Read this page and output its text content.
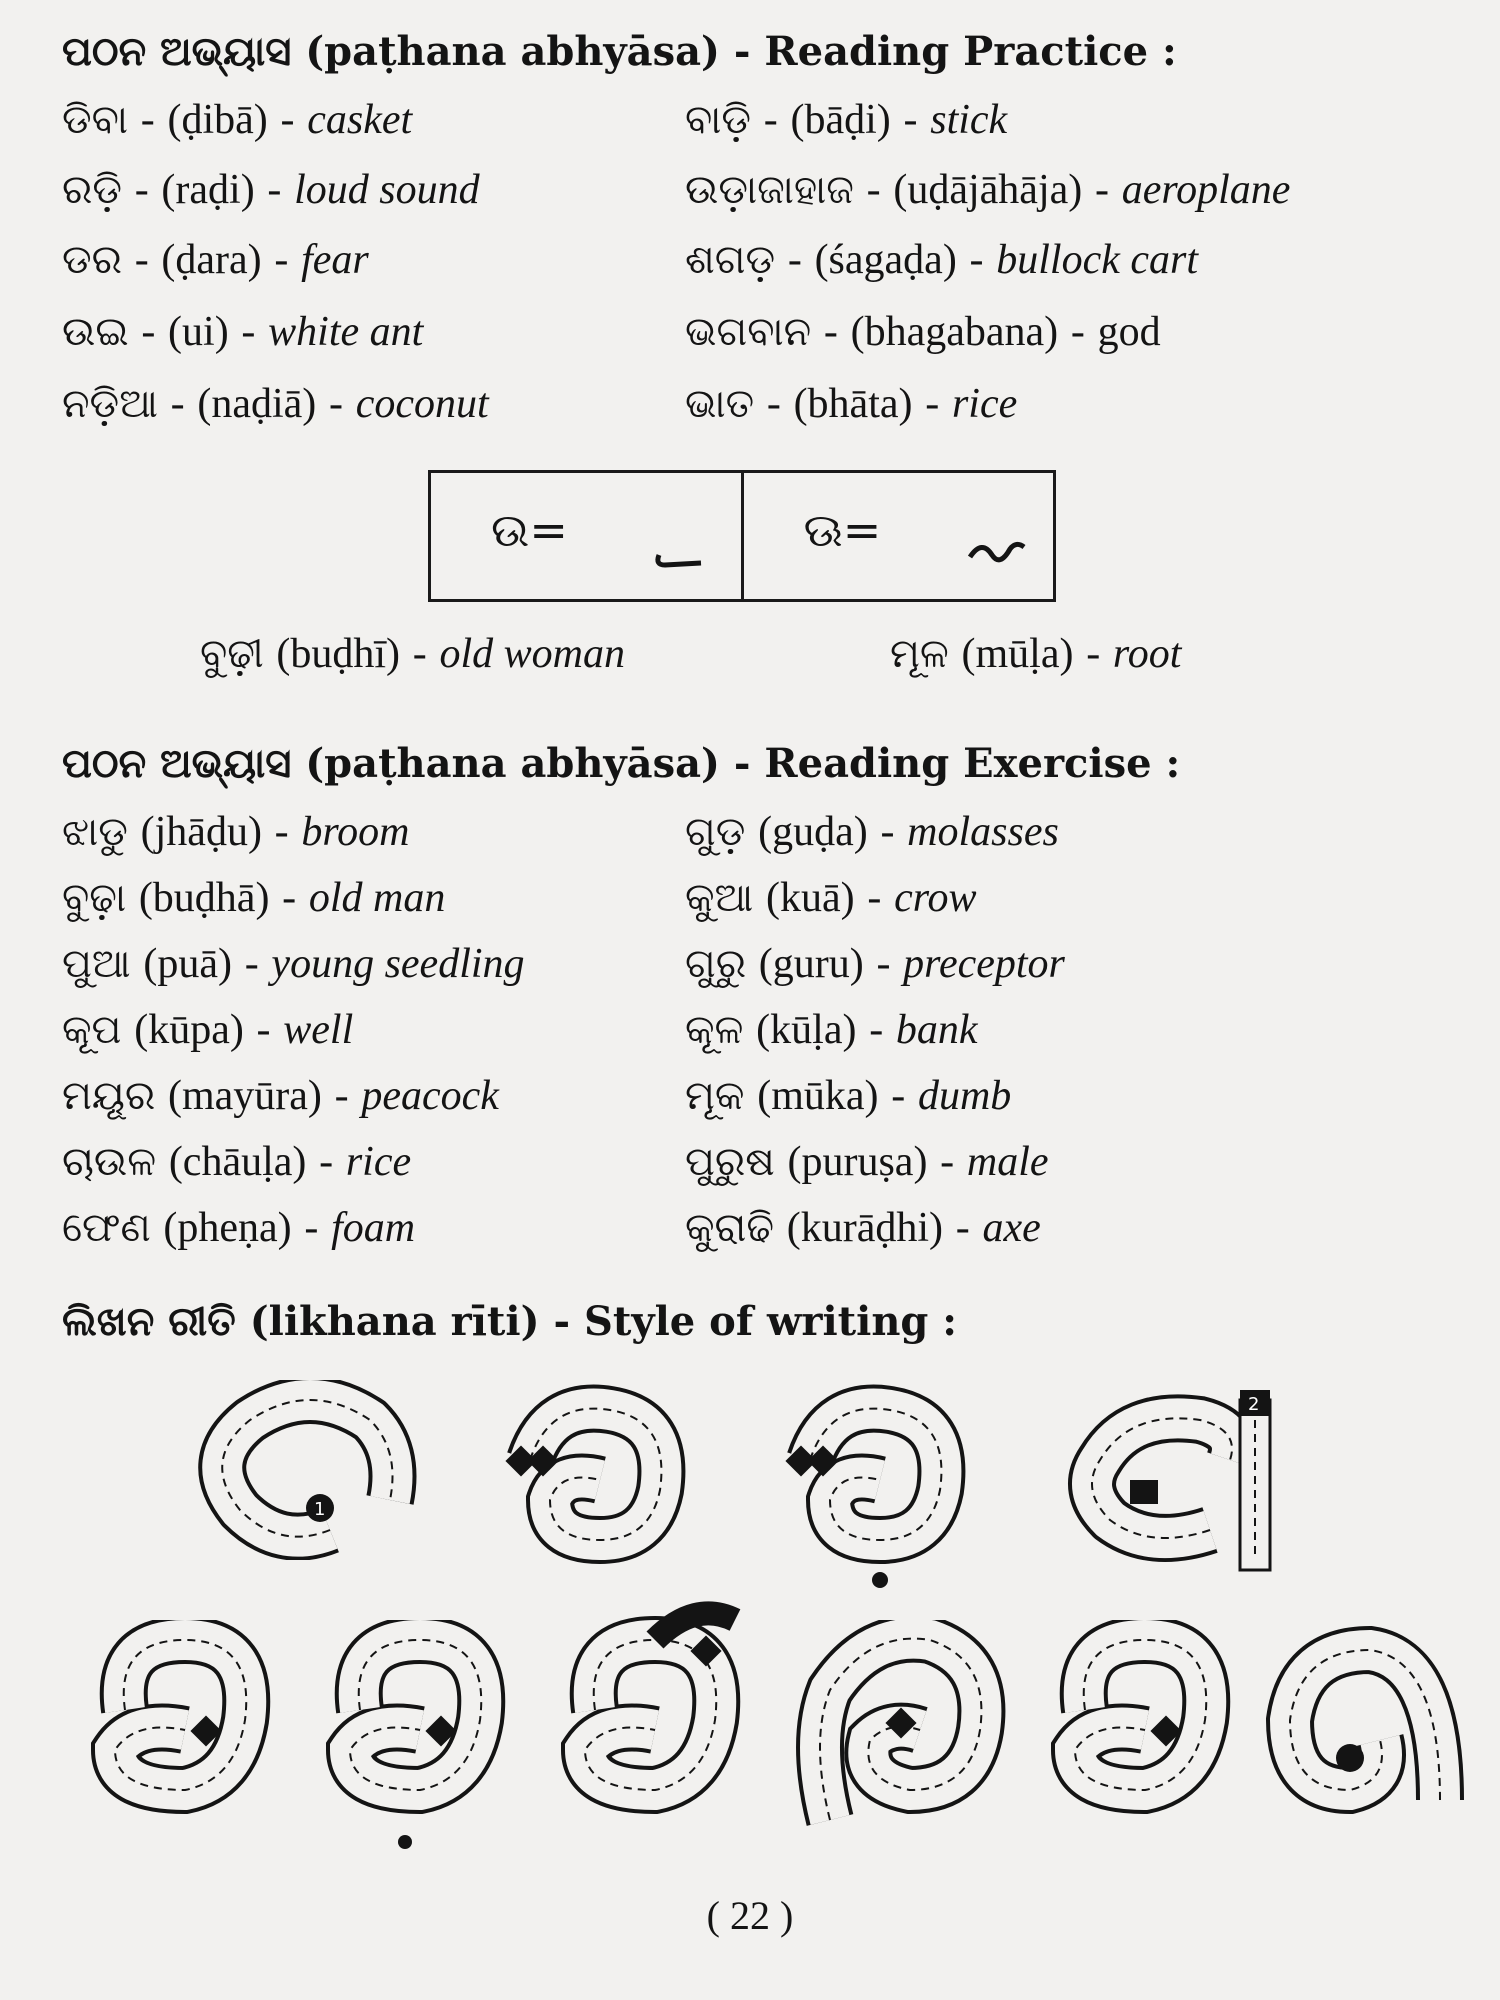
ପଠନ ଅଭ୍ୟାସ (paṭhana abhyāsa) - Reading Practice :
ଡିବା - (ḍibā) - casket
ରଡ଼ି - (raḍi) - loud sound
ଡର - (ḍara) - fear
ଉଇ - (ui) - white ant
ନଡ଼ିଆ - (naḍiā) - coconut
ବାଡ଼ି - (bāḍi) - stick
ଉଡ଼ାଜାହାଜ - (uḍājāhāja) - aeroplane
ଶଗଡ଼ - (śagaḍa) - bullock cart
ଭଗବାନ - (bhagabana) - god
ଭାତ - (bhāta) - rice
ଉ=	ଊ=
ବୁଢ଼ୀ (buḍhī) - old woman	ମୂଳ (mūḷa) - root
ପଠନ ଅଭ୍ୟାସ (paṭhana abhyāsa) - Reading Exercise :
ଝାଡୁ (jhāḍu) - broom
ବୁଢ଼ା (buḍhā) - old man
ପୁଆ (puā) - young seedling
କୂପ (kūpa) - well
ମୟୂର (mayūra) - peacock
ଚାଉଳ (chāuḷa) - rice
ଫେଣ (pheṇa) - foam
ଗୁଡ଼ (guḍa) - molasses
କୁଆ (kuā) - crow
ଗୁରୁ (guru) - preceptor
କୂଳ (kūḷa) - bank
ମୂକ (mūka) - dumb
ପୁରୁଷ (puruṣa) - male
କୁରାଢି (kurāḍhi) - axe
ଲିଖନ ରୀତି (likhana rīti) - Style of writing :
1
2
( 22 )
